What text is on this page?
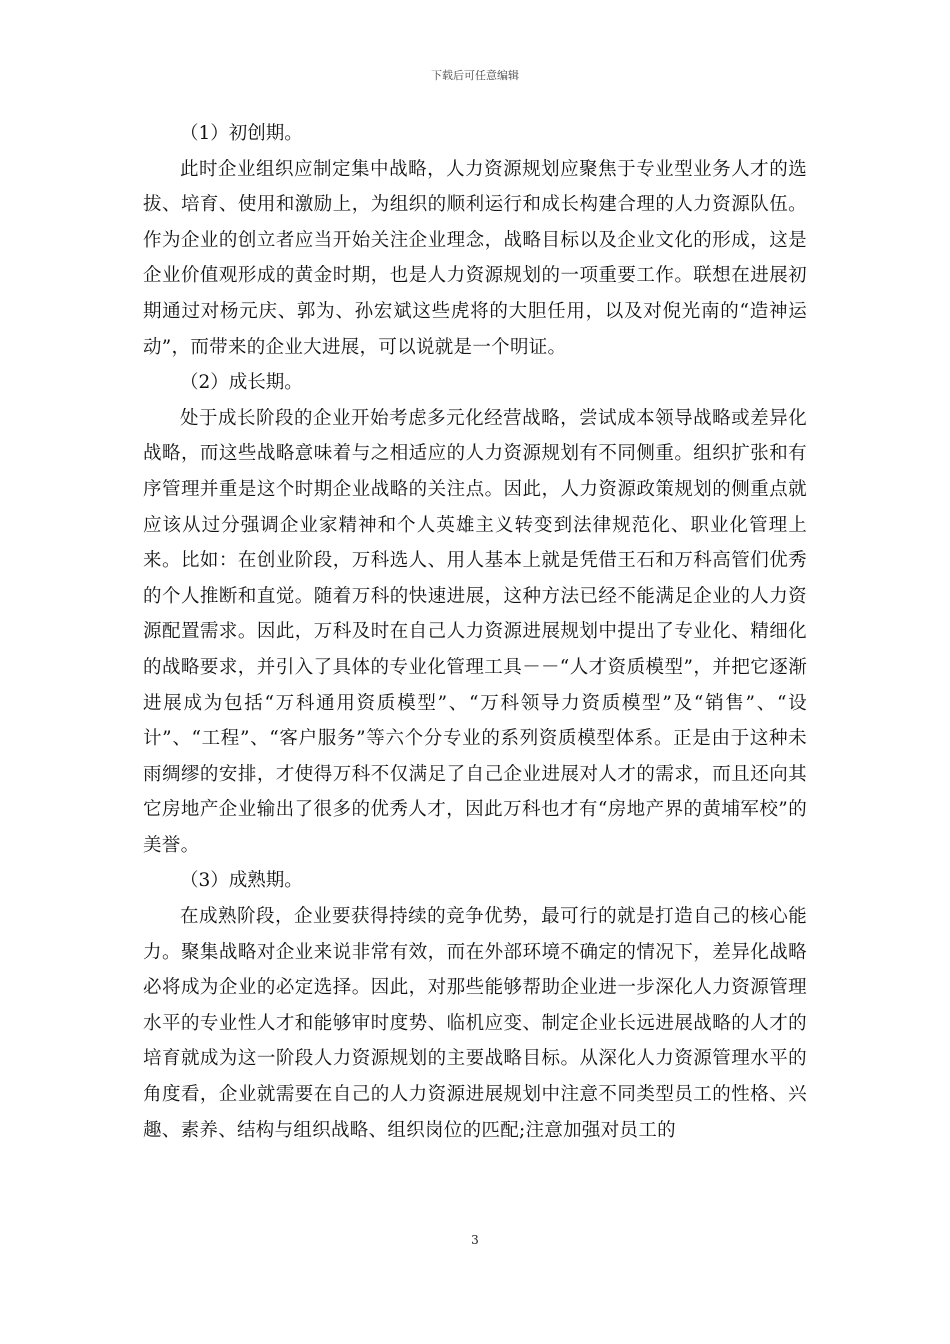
下载后可任意编辑

（1）初创期。

此时企业组织应制定集中战略，人力资源规划应聚焦于专业型业务人才的选拔、培育、使用和激励上，为组织的顺利运行和成长构建合理的人力资源队伍。作为企业的创立者应当开始关注企业理念，战略目标以及企业文化的形成，这是企业价值观形成的黄金时期，也是人力资源规划的一项重要工作。联想在进展初期通过对杨元庆、郭为、孙宏斌这些虎将的大胆任用，以及对倪光南的“造神运动”，而带来的企业大进展，可以说就是一个明证。

（2）成长期。

处于成长阶段的企业开始考虑多元化经营战略，尝试成本领导战略或差异化战略，而这些战略意味着与之相适应的人力资源规划有不同侧重。组织扩张和有序管理并重是这个时期企业战略的关注点。因此，人力资源政策规划的侧重点就应该从过分强调企业家精神和个人英雄主义转变到法律规范化、职业化管理上来。比如：在创业阶段，万科选人、用人基本上就是凭借王石和万科高管们优秀的个人推断和直觉。随着万科的快速进展，这种方法已经不能满足企业的人力资源配置需求。因此，万科及时在自己人力资源进展规划中提出了专业化、精细化的战略要求，并引入了具体的专业化管理工具－－“人才资质模型”，并把它逐渐进展成为包括“万科通用资质模型”、“万科领导力资质模型”及“销售”、“设计”、“工程”、“客户服务”等六个分专业的系列资质模型体系。正是由于这种未雨绸缪的安排，才使得万科不仅满足了自己企业进展对人才的需求，而且还向其它房地产企业输出了很多的优秀人才，因此万科也才有“房地产界的黄埔军校”的美誉。

（3）成熟期。

在成熟阶段，企业要获得持续的竞争优势，最可行的就是打造自己的核心能力。聚集战略对企业来说非常有效，而在外部环境不确定的情况下，差异化战略必将成为企业的必定选择。因此，对那些能够帮助企业进一步深化人力资源管理水平的专业性人才和能够审时度势、临机应变、制定企业长远进展战略的人才的培育就成为这一阶段人力资源规划的主要战略目标。从深化人力资源管理水平的角度看，企业就需要在自己的人力资源进展规划中注意不同类型员工的性格、兴趣、素养、结构与组织战略、组织岗位的匹配;注意加强对员工的

3
